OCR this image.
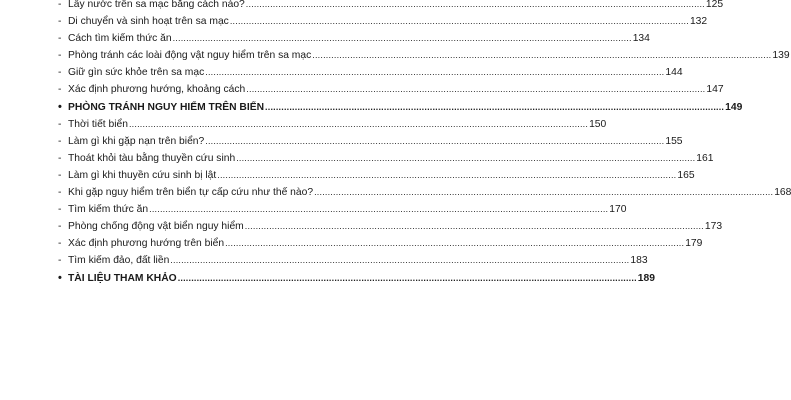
- Lấy nước trên sa mạc bằng cách nào? .......................................................................................................................................................................... 125
- Di chuyển và sinh hoạt trên sa mạc .......................................................................................................................................................................... 132
- Cách tìm kiếm thức ăn .......................................................................................................................................................................... 134
- Phòng tránh các loài động vật nguy hiểm trên sa mạc .......................................................................................................................................................................... 139
- Giữ gìn sức khỏe trên sa mạc .......................................................................................................................................................................... 144
- Xác định phương hướng, khoảng cách .......................................................................................................................................................................... 147
• PHÒNG TRÁNH NGUY HIỂM TRÊN BIỂN .......................................................................................................................................................................... 149
- Thời tiết biển .......................................................................................................................................................................... 150
- Làm gì khi gặp nạn trên biển? .......................................................................................................................................................................... 155
- Thoát khỏi tàu bằng thuyền cứu sinh .......................................................................................................................................................................... 161
- Làm gì khi thuyền cứu sinh bị lật .......................................................................................................................................................................... 165
- Khi gặp nguy hiểm trên biển tự cấp cứu như thế nào? .......................................................................................................................................................................... 168
- Tìm kiếm thức ăn .......................................................................................................................................................................... 170
- Phòng chống động vật biển nguy hiểm .......................................................................................................................................................................... 173
- Xác định phương hướng trên biển .......................................................................................................................................................................... 179
- Tìm kiếm đảo, đất liền .......................................................................................................................................................................... 183
• TÀI LIỆU THAM KHẢO .......................................................................................................................................................................... 189
